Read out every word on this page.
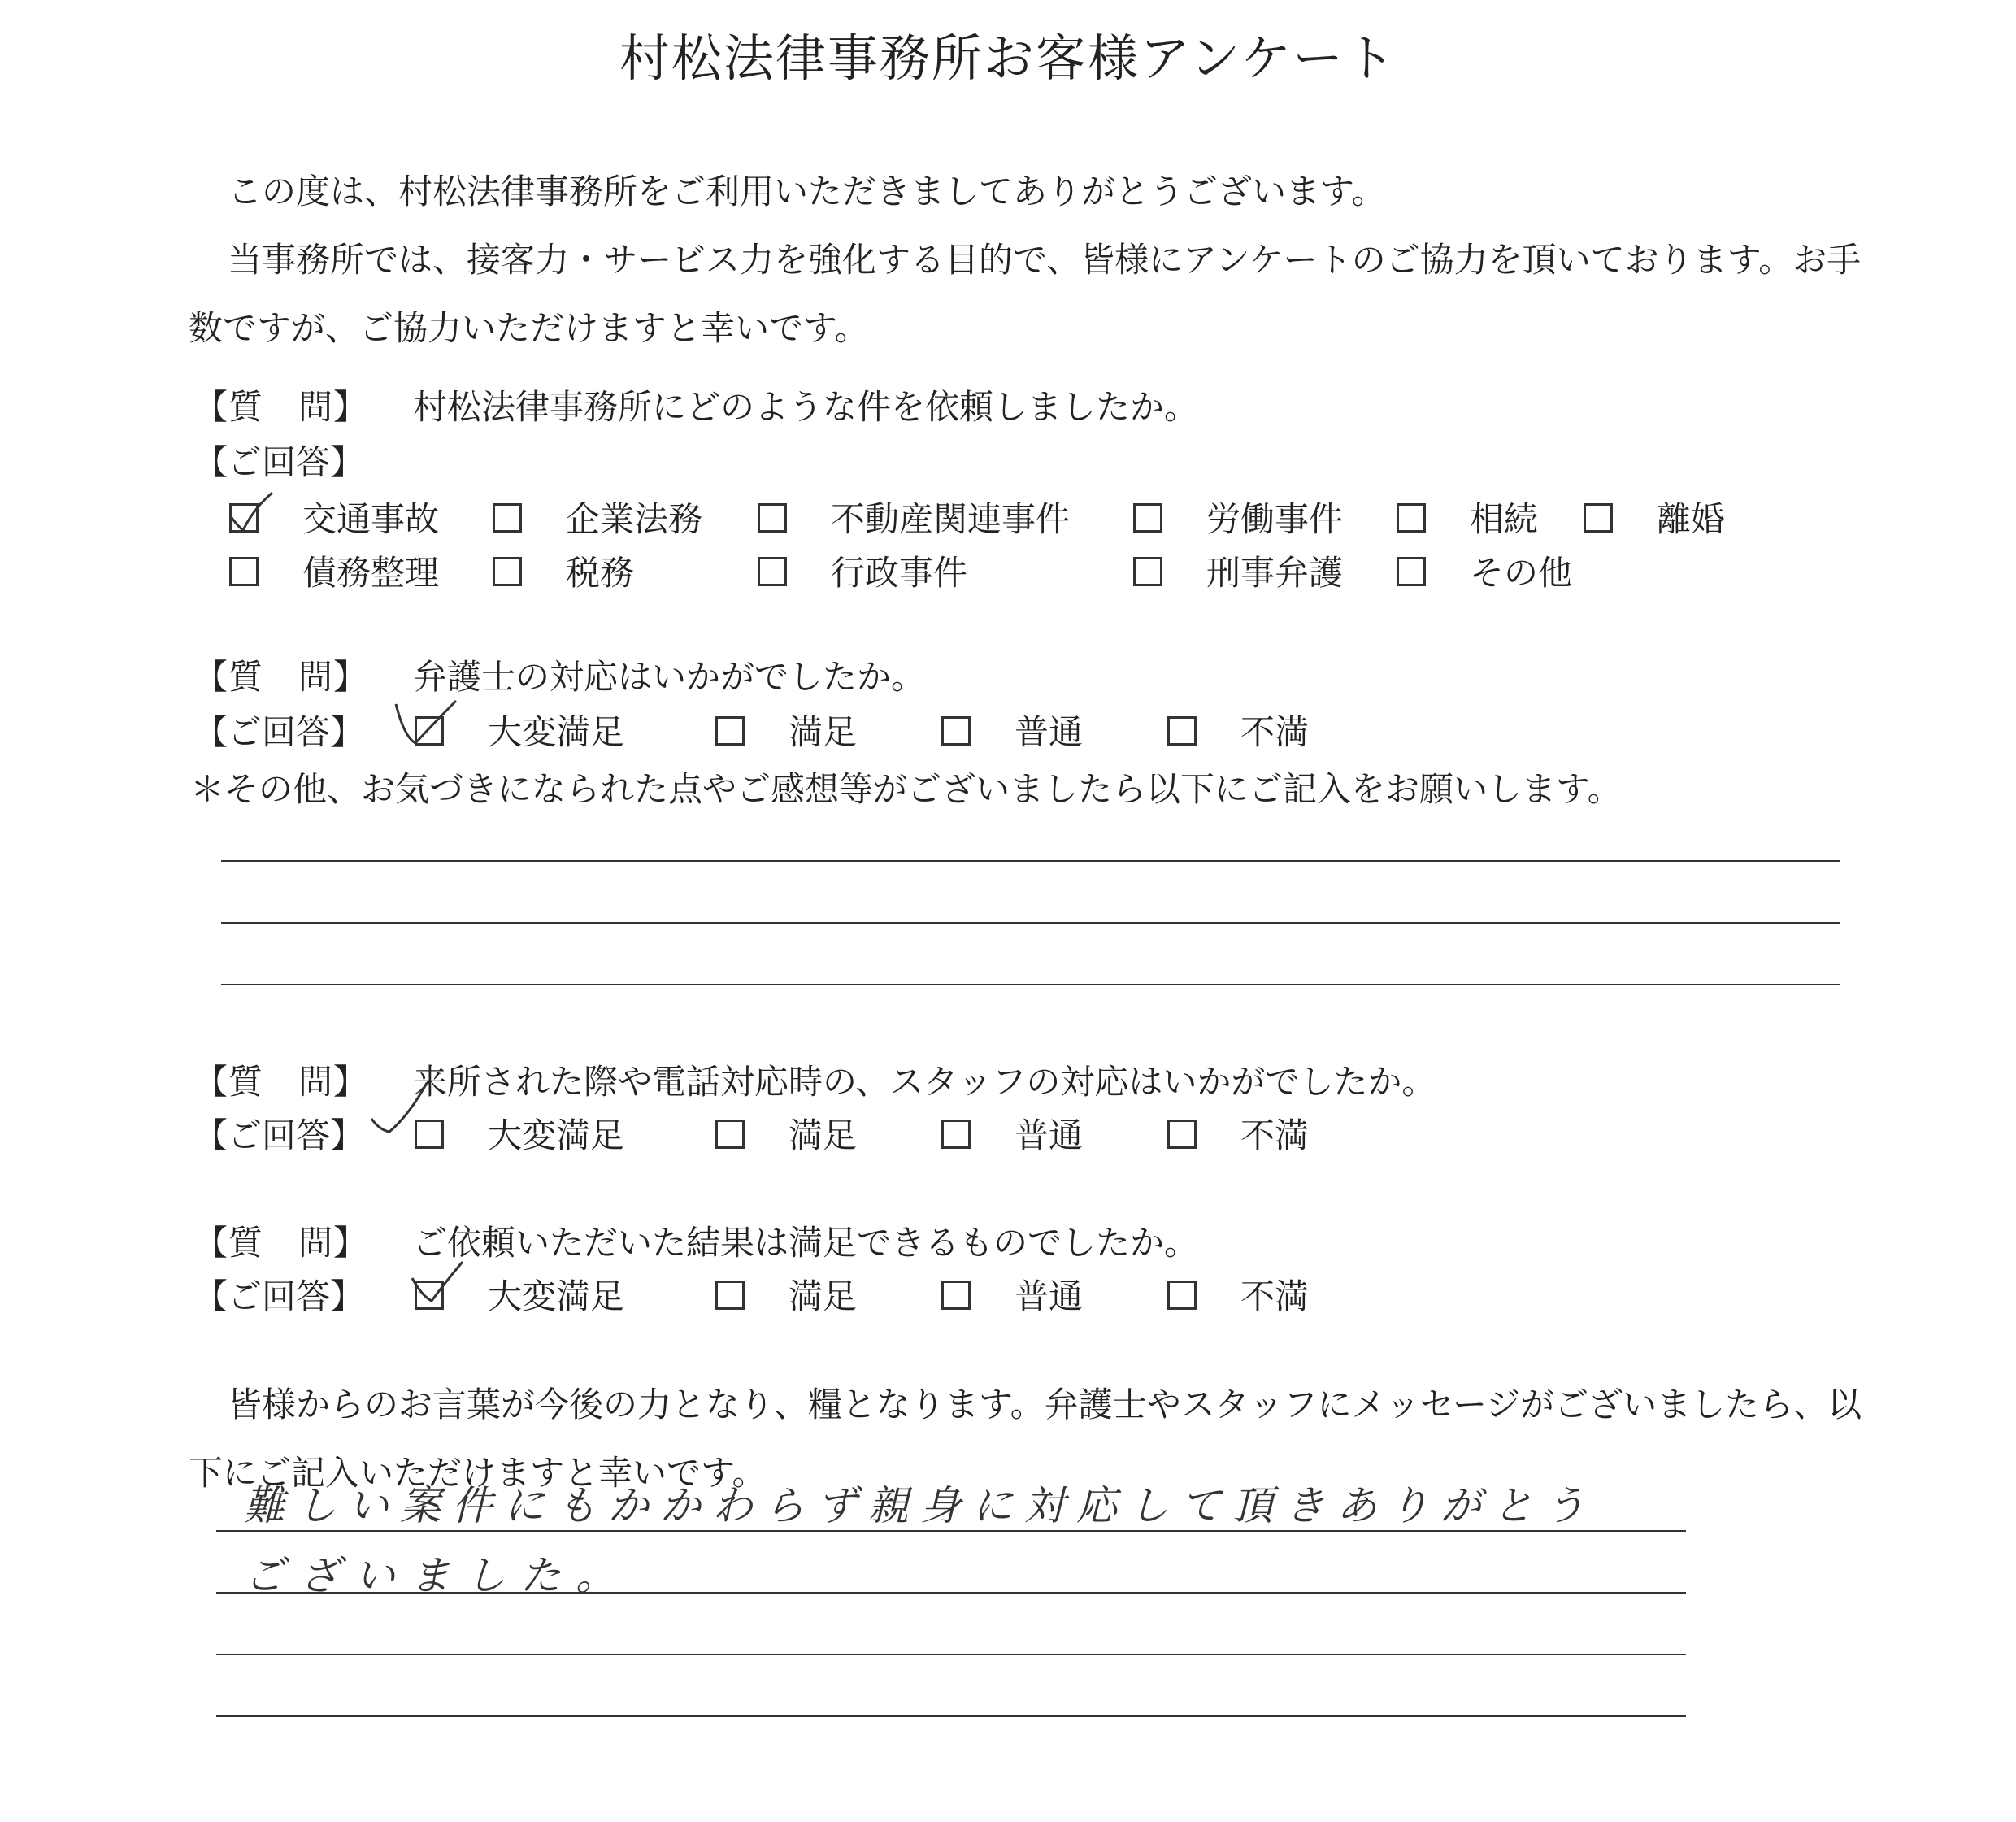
村松法律事務所お客様アンケート

この度は、村松法律事務所をご利用いただきましてありがとうございます。

当事務所では、接客力・サービス力を強化する目的で、皆様にアンケートのご協力を頂いております。お手数ですが、ご協力いただけますと幸いです。

【質　問】 村松法律事務所にどのような件を依頼しましたか。
【ご回答】
交通事故	企業法務	不動産関連事件	労働事件	相続	離婚
債務整理	税務	行政事件	刑事弁護	その他
【質　問】 弁護士の対応はいかがでしたか。
【ご回答】	大変満足	満足	普通	不満
＊その他、お気づきになられた点やご感想等がございましたら以下にご記入をお願いします。
【質　問】 来所された際や電話対応時の、スタッフの対応はいかがでしたか。
【ご回答】	大変満足	満足	普通	不満
【質　問】 ご依頼いただいた結果は満足できるものでしたか。
【ご回答】	大変満足	満足	普通	不満

皆様からのお言葉が今後の力となり、糧となります。弁護士やスタッフにメッセージがございましたら、以下にご記入いただけますと幸いです。

難しい案件にもかかわらず親身に対応して頂きありがとう
ございました。
